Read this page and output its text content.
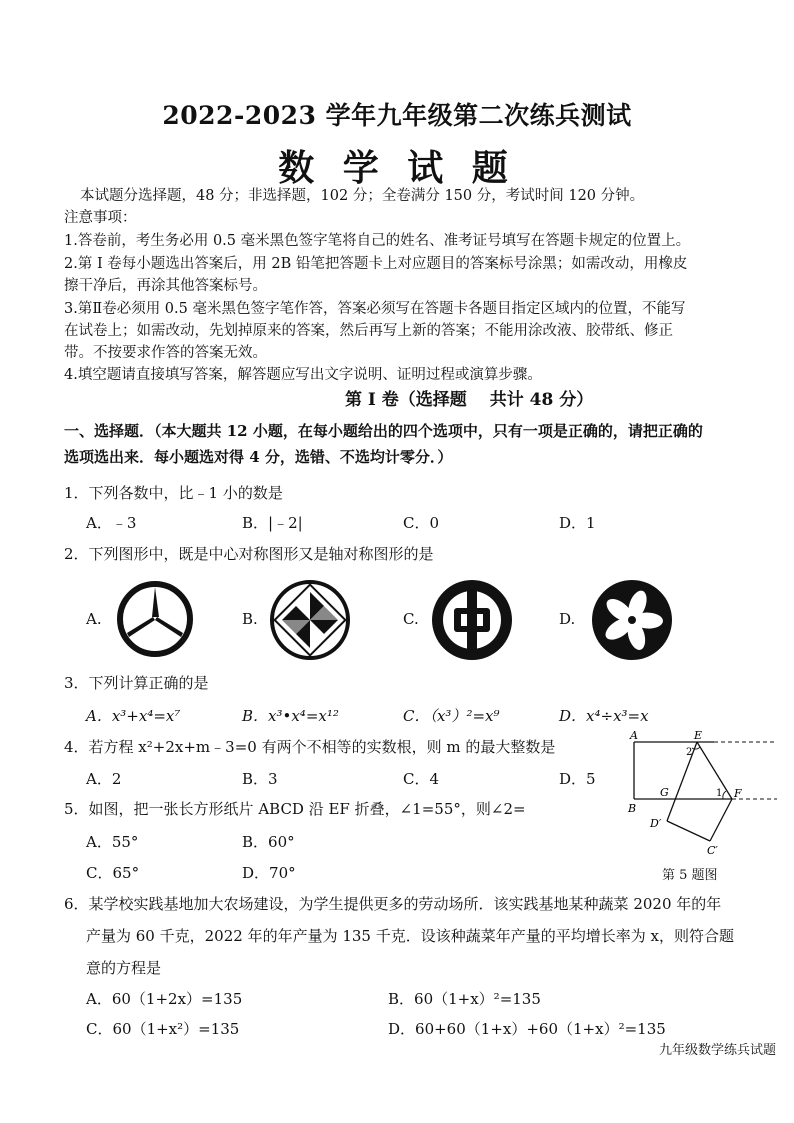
2022-2023 学年九年级第二次练兵测试
数 学 试 题
本试题分选择题，48 分；非选择题，102 分；全卷满分 150 分，考试时间 120 分钟。
注意事项：
1.答卷前，考生务必用 0.5 毫米黑色签字笔将自己的姓名、准考证号填写在答题卡规定的位置上。
2.第 I 卷每小题选出答案后，用 2B 铅笔把答题卡上对应题目的答案标号涂黑；如需改动，用橡皮
擦干净后，再涂其他答案标号。
3.第Ⅱ卷必须用 0.5 毫米黑色签字笔作答，答案必须写在答题卡各题目指定区域内的位置，不能写
在试卷上；如需改动，先划掉原来的答案，然后再写上新的答案；不能用涂改液、胶带纸、修正
带。不按要求作答的答案无效。
4.填空题请直接填写答案，解答题应写出文字说明、证明过程或演算步骤。
第 I 卷（选择题　 共计 48 分）
一、选择题．（本大题共 12 小题，在每小题给出的四个选项中，只有一项是正确的，请把正确的
选项选出来．每小题选对得 4 分，选错、不选均计零分．）
1．下列各数中，比﹣1 小的数是
A．﹣3	B．|﹣2|	C．0	D．1
2．下列图形中，既是中心对称图形又是轴对称图形的是
A.	B.	C.	D.
3．下列计算正确的是
A．x³+x⁴=x⁷	B．x³•x⁴=x¹²	C．（x³）²=x⁹	D．x⁴÷x³=x
4．若方程 x²+2x+m﹣3=0 有两个不相等的实数根，则 m 的最大整数是
A．2	B．3	C．4	D．5
5．如图，把一张长方形纸片 ABCD 沿 EF 折叠，∠1=55°，则∠2=
A．55°	B．60°
C．65°	D．70°
A	E
2
G	1 F
B
D′
C′
第 5 题图
6．某学校实践基地加大农场建设，为学生提供更多的劳动场所．该实践基地某种蔬菜 2020 年的年
产量为 60 千克，2022 年的年产量为 135 千克．设该种蔬菜年产量的平均增长率为 x，则符合题
意的方程是
A．60（1+2x）=135	B．60（1+x）²=135
C．60（1+x²）=135	D．60+60（1+x）+60（1+x）²=135
九年级数学练兵试题
